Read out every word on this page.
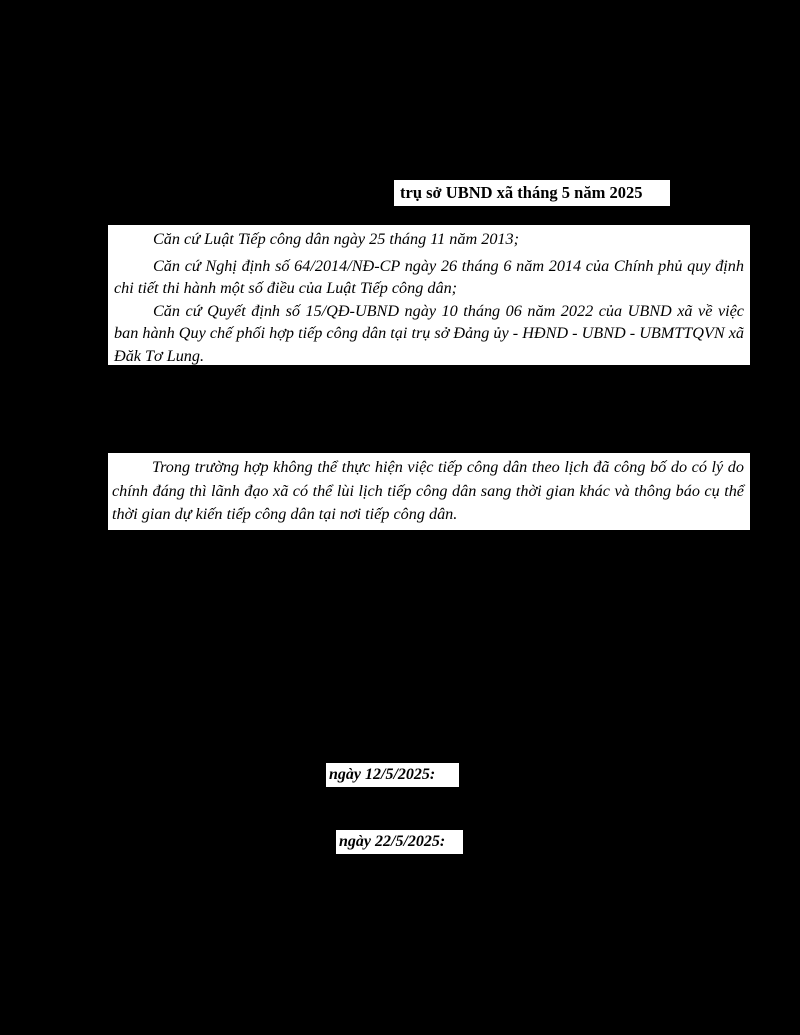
trụ sở UBND xã tháng 5 năm 2025

Căn cứ Luật Tiếp công dân ngày 25 tháng 11 năm 2013;

Căn cứ Nghị định số 64/2014/NĐ-CP ngày 26 tháng 6 năm 2014 của Chính phủ quy định chi tiết thi hành một số điều của Luật Tiếp công dân;

Căn cứ Quyết định số 15/QĐ-UBND ngày 10 tháng 06 năm 2022 của UBND xã về việc ban hành Quy chế phối hợp tiếp công dân tại trụ sở Đảng ủy - HĐND - UBND - UBMTTQVN xã Đăk Tơ Lung.

Trong trường hợp không thể thực hiện việc tiếp công dân theo lịch đã công bố do có lý do chính đáng thì lãnh đạo xã có thể lùi lịch tiếp công dân sang thời gian khác và thông báo cụ thể thời gian dự kiến tiếp công dân tại nơi tiếp công dân.

ngày 12/5/2025:
ngày 22/5/2025:
